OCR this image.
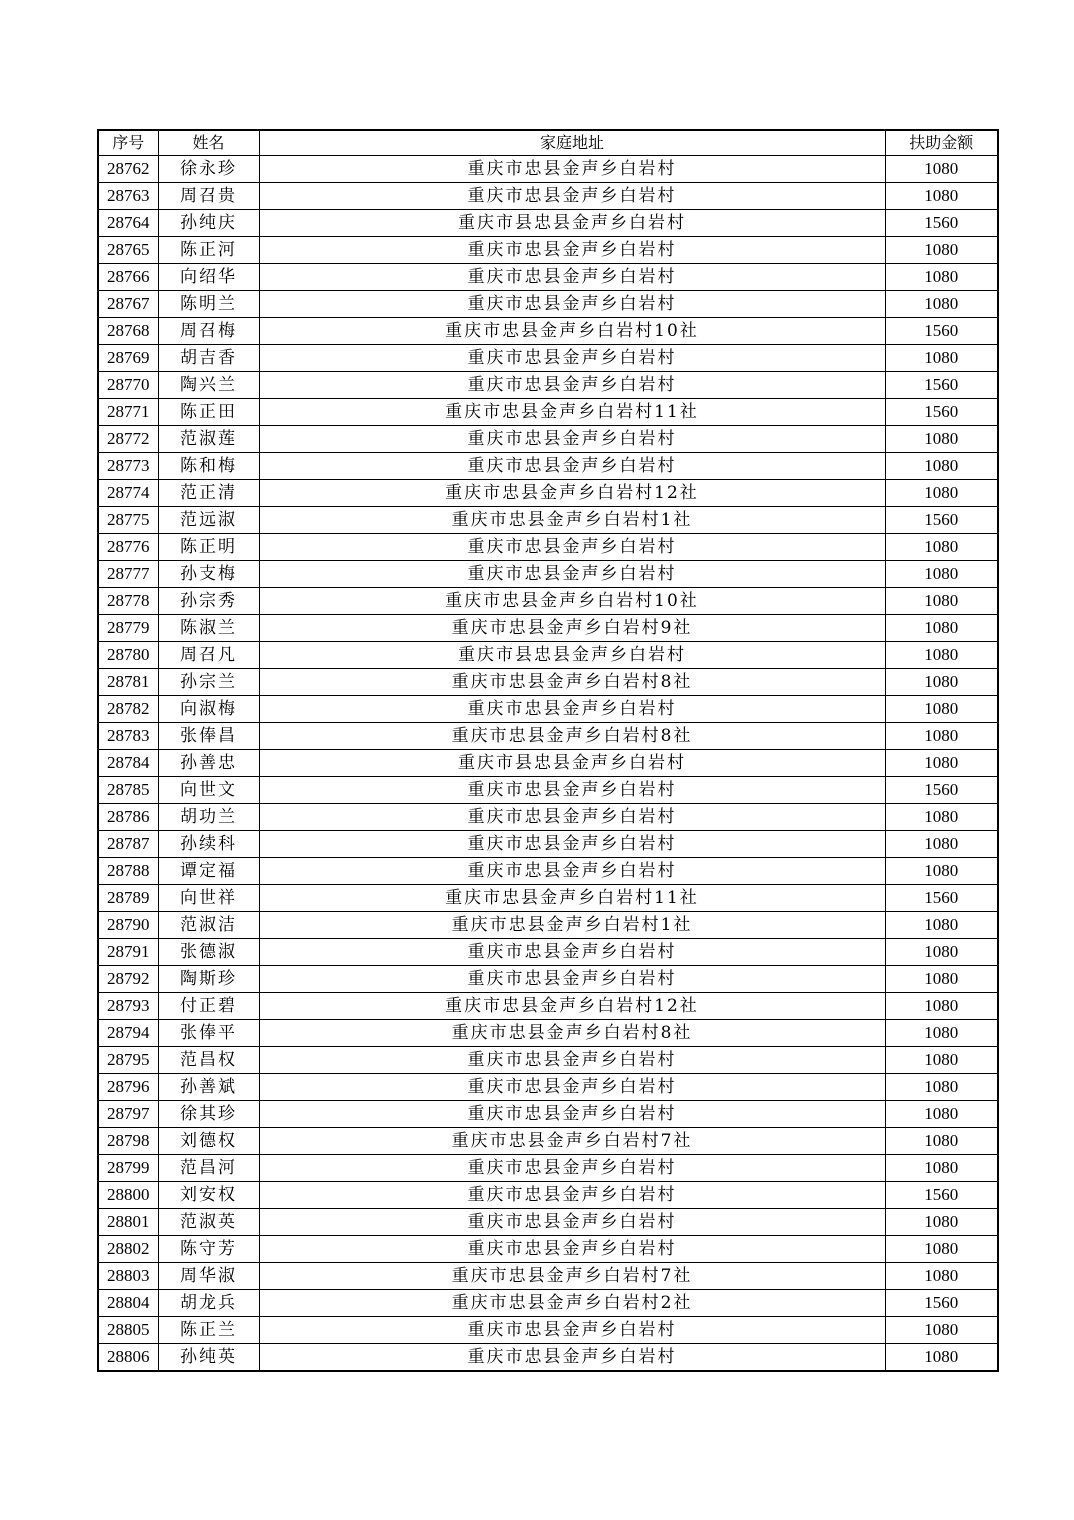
序号	姓名	家庭地址	扶助金额
28762	徐永珍	重庆市忠县金声乡白岩村	1080
28763	周召贵	重庆市忠县金声乡白岩村	1080
28764	孙纯庆	重庆市县忠县金声乡白岩村	1560
28765	陈正河	重庆市忠县金声乡白岩村	1080
28766	向绍华	重庆市忠县金声乡白岩村	1080
28767	陈明兰	重庆市忠县金声乡白岩村	1080
28768	周召梅	重庆市忠县金声乡白岩村10社	1560
28769	胡吉香	重庆市忠县金声乡白岩村	1080
28770	陶兴兰	重庆市忠县金声乡白岩村	1560
28771	陈正田	重庆市忠县金声乡白岩村11社	1560
28772	范淑莲	重庆市忠县金声乡白岩村	1080
28773	陈和梅	重庆市忠县金声乡白岩村	1080
28774	范正清	重庆市忠县金声乡白岩村12社	1080
28775	范远淑	重庆市忠县金声乡白岩村1社	1560
28776	陈正明	重庆市忠县金声乡白岩村	1080
28777	孙支梅	重庆市忠县金声乡白岩村	1080
28778	孙宗秀	重庆市忠县金声乡白岩村10社	1080
28779	陈淑兰	重庆市忠县金声乡白岩村9社	1080
28780	周召凡	重庆市县忠县金声乡白岩村	1080
28781	孙宗兰	重庆市忠县金声乡白岩村8社	1080
28782	向淑梅	重庆市忠县金声乡白岩村	1080
28783	张俸昌	重庆市忠县金声乡白岩村8社	1080
28784	孙善忠	重庆市县忠县金声乡白岩村	1080
28785	向世文	重庆市忠县金声乡白岩村	1560
28786	胡功兰	重庆市忠县金声乡白岩村	1080
28787	孙续科	重庆市忠县金声乡白岩村	1080
28788	谭定福	重庆市忠县金声乡白岩村	1080
28789	向世祥	重庆市忠县金声乡白岩村11社	1560
28790	范淑洁	重庆市忠县金声乡白岩村1社	1080
28791	张德淑	重庆市忠县金声乡白岩村	1080
28792	陶斯珍	重庆市忠县金声乡白岩村	1080
28793	付正碧	重庆市忠县金声乡白岩村12社	1080
28794	张俸平	重庆市忠县金声乡白岩村8社	1080
28795	范昌权	重庆市忠县金声乡白岩村	1080
28796	孙善斌	重庆市忠县金声乡白岩村	1080
28797	徐其珍	重庆市忠县金声乡白岩村	1080
28798	刘德权	重庆市忠县金声乡白岩村7社	1080
28799	范昌河	重庆市忠县金声乡白岩村	1080
28800	刘安权	重庆市忠县金声乡白岩村	1560
28801	范淑英	重庆市忠县金声乡白岩村	1080
28802	陈守芳	重庆市忠县金声乡白岩村	1080
28803	周华淑	重庆市忠县金声乡白岩村7社	1080
28804	胡龙兵	重庆市忠县金声乡白岩村2社	1560
28805	陈正兰	重庆市忠县金声乡白岩村	1080
28806	孙纯英	重庆市忠县金声乡白岩村	1080
